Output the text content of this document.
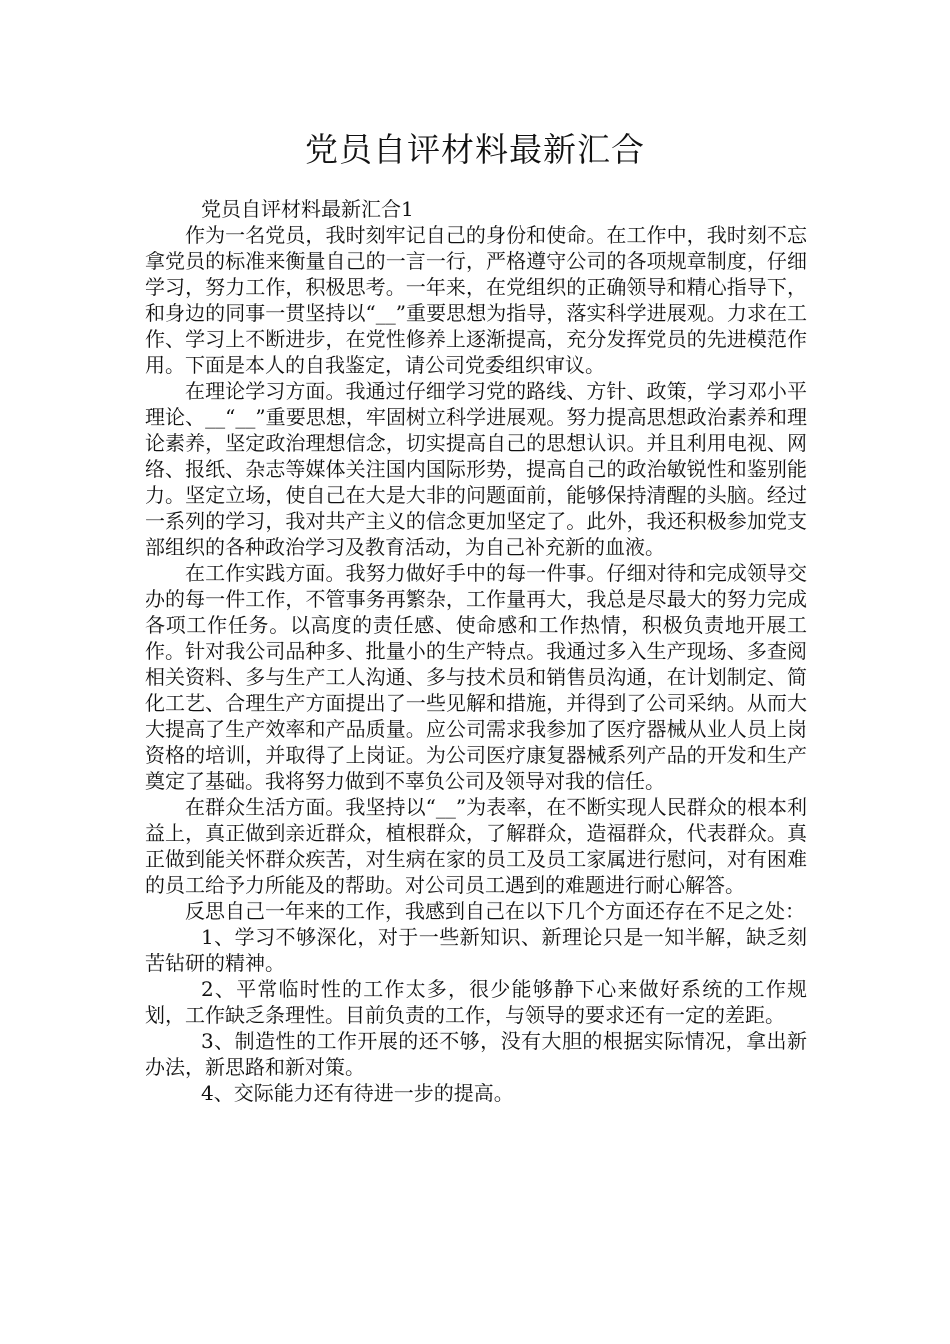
党员自评材料最新汇合

党员自评材料最新汇合1

作为一名党员，我时刻牢记自己的身份和使命。在工作中，我时刻不忘拿党员的标准来衡量自己的一言一行，严格遵守公司的各项规章制度，仔细学习，努力工作，积极思考。一年来，在党组织的正确领导和精心指导下，和身边的同事一贯坚持以“__”重要思想为指导，落实科学进展观。力求在工作、学习上不断进步，在党性修养上逐渐提高，充分发挥党员的先进模范作用。下面是本人的自我鉴定，请公司党委组织审议。

在理论学习方面。我通过仔细学习党的路线、方针、政策，学习邓小平理论、__“__”重要思想，牢固树立科学进展观。努力提高思想政治素养和理论素养，坚定政治理想信念，切实提高自己的思想认识。并且利用电视、网络、报纸、杂志等媒体关注国内国际形势，提高自己的政治敏锐性和鉴别能力。坚定立场，使自己在大是大非的问题面前，能够保持清醒的头脑。经过一系列的学习，我对共产主义的信念更加坚定了。此外，我还积极参加党支部组织的各种政治学习及教育活动，为自己补充新的血液。

在工作实践方面。我努力做好手中的每一件事。仔细对待和完成领导交办的每一件工作，不管事务再繁杂，工作量再大，我总是尽最大的努力完成各项工作任务。以高度的责任感、使命感和工作热情，积极负责地开展工作。针对我公司品种多、批量小的生产特点。我通过多入生产现场、多查阅相关资料、多与生产工人沟通、多与技术员和销售员沟通，在计划制定、简化工艺、合理生产方面提出了一些见解和措施，并得到了公司采纳。从而大大提高了生产效率和产品质量。应公司需求我参加了医疗器械从业人员上岗资格的培训，并取得了上岗证。为公司医疗康复器械系列产品的开发和生产奠定了基础。我将努力做到不辜负公司及领导对我的信任。

在群众生活方面。我坚持以“__”为表率，在不断实现人民群众的根本利益上，真正做到亲近群众，植根群众，了解群众，造福群众，代表群众。真正做到能关怀群众疾苦，对生病在家的员工及员工家属进行慰问，对有困难的员工给予力所能及的帮助。对公司员工遇到的难题进行耐心解答。

反思自己一年来的工作，我感到自己在以下几个方面还存在不足之处：

1、学习不够深化，对于一些新知识、新理论只是一知半解，缺乏刻苦钻研的精神。

2、平常临时性的工作太多，很少能够静下心来做好系统的工作规划，工作缺乏条理性。目前负责的工作，与领导的要求还有一定的差距。

3、制造性的工作开展的还不够，没有大胆的根据实际情况，拿出新办法，新思路和新对策。

4、交际能力还有待进一步的提高。
